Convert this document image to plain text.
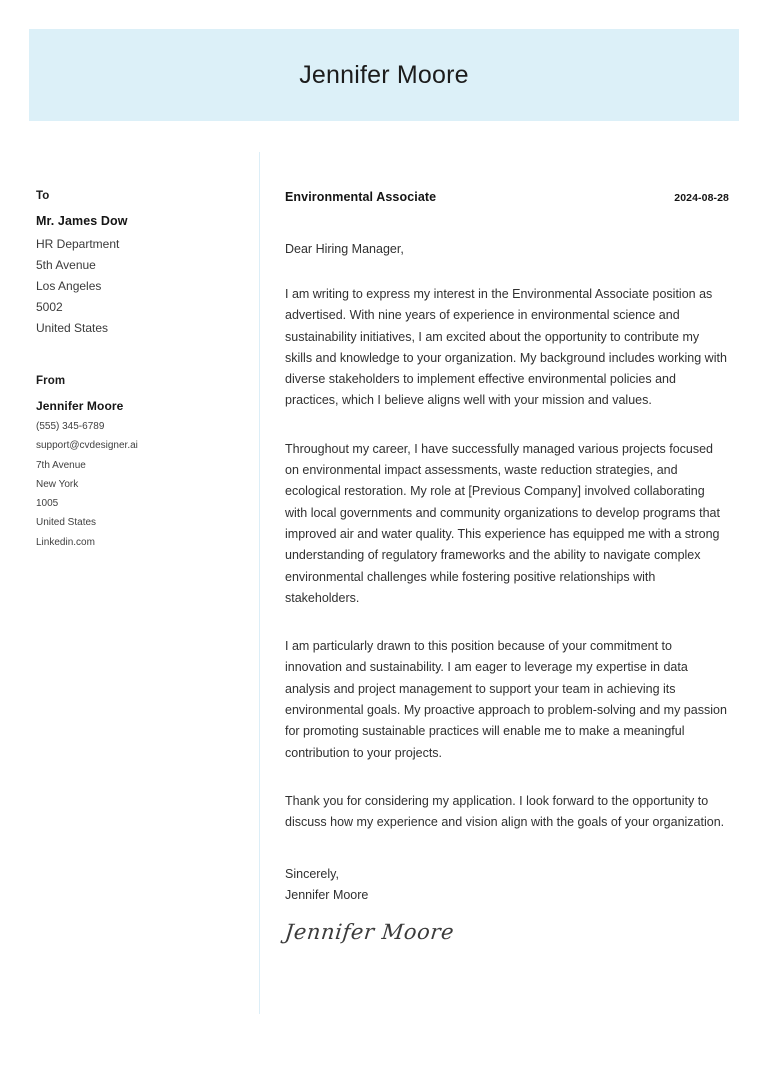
Jennifer Moore
To
Mr. James Dow
HR Department
5th Avenue
Los Angeles
5002
United States
From
Jennifer Moore
(555) 345-6789
support@cvdesigner.ai
7th Avenue
New York
1005
United States
Linkedin.com
Environmental Associate	2024-08-28
Dear Hiring Manager,

I am writing to express my interest in the Environmental Associate position as advertised. With nine years of experience in environmental science and sustainability initiatives, I am excited about the opportunity to contribute my skills and knowledge to your organization. My background includes working with diverse stakeholders to implement effective environmental policies and practices, which I believe aligns well with your mission and values.

Throughout my career, I have successfully managed various projects focused on environmental impact assessments, waste reduction strategies, and ecological restoration. My role at [Previous Company] involved collaborating with local governments and community organizations to develop programs that improved air and water quality. This experience has equipped me with a strong understanding of regulatory frameworks and the ability to navigate complex environmental challenges while fostering positive relationships with stakeholders.

I am particularly drawn to this position because of your commitment to innovation and sustainability. I am eager to leverage my expertise in data analysis and project management to support your team in achieving its environmental goals. My proactive approach to problem-solving and my passion for promoting sustainable practices will enable me to make a meaningful contribution to your projects.

Thank you for considering my application. I look forward to the opportunity to discuss how my experience and vision align with the goals of your organization.

Sincerely,
Jennifer Moore
Jennifer Moore
